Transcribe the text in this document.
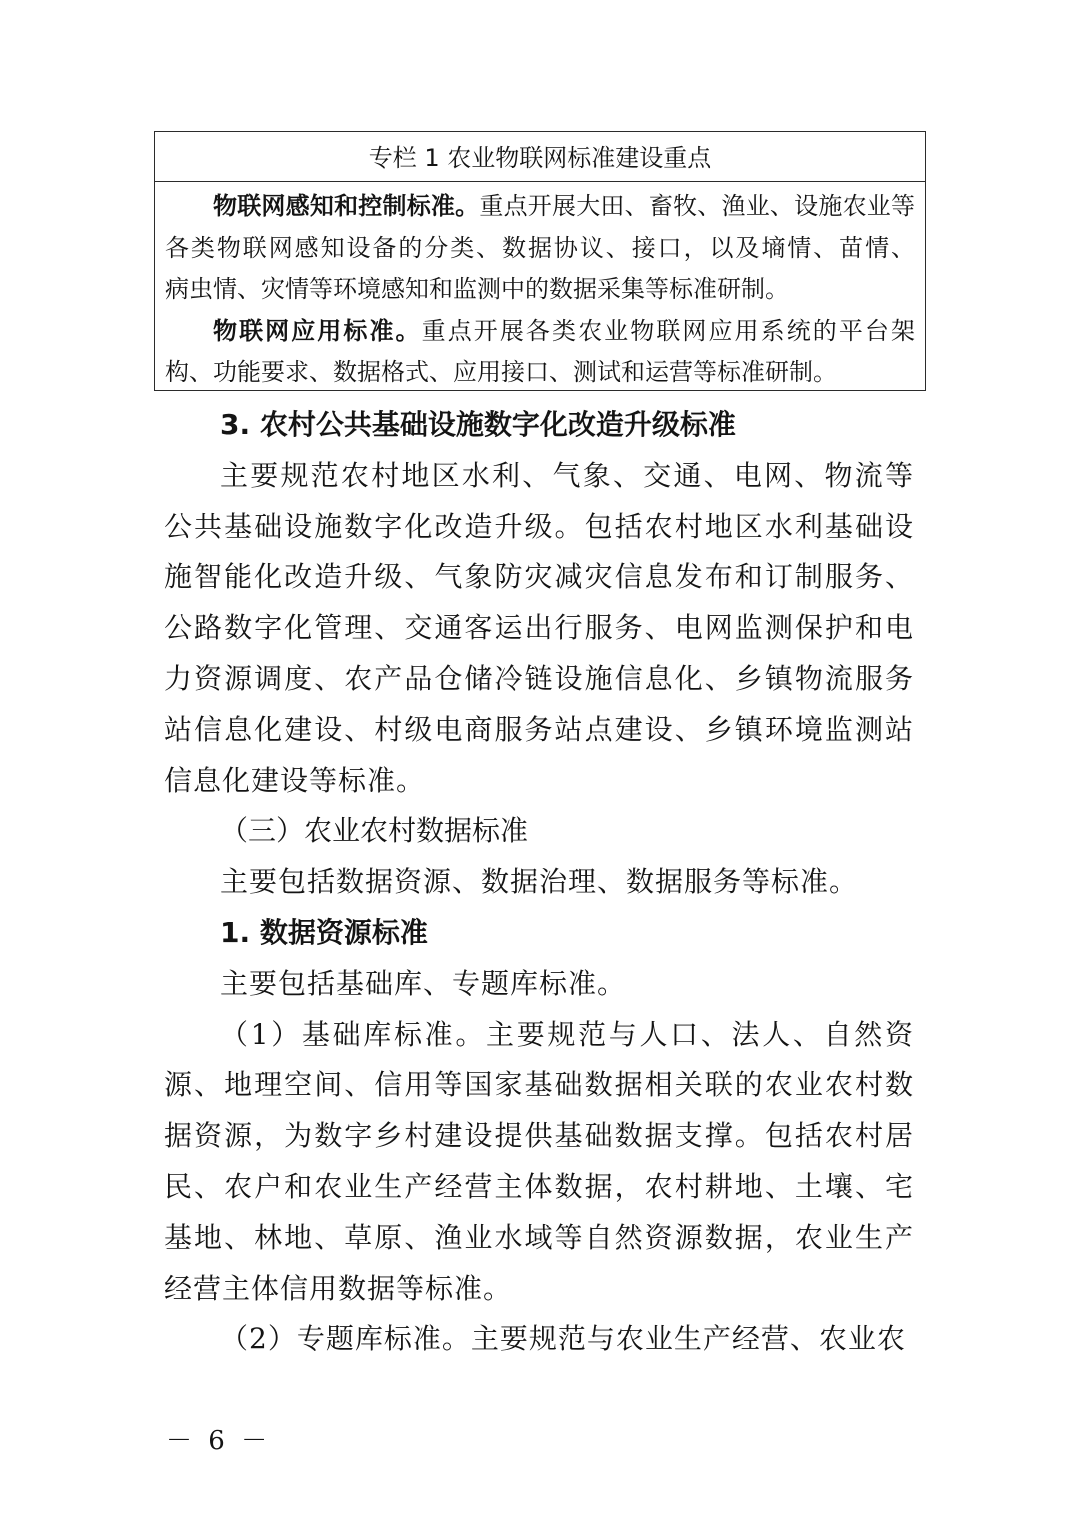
专栏 1 农业物联网标准建设重点

物联网感知和控制标准。重点开展大田、畜牧、渔业、设施农业等各类物联网感知设备的分类、数据协议、接口，以及墒情、苗情、
病虫情、灾情等环境感知和监测中的数据采集等标准研制。

物联网应用标准。重点开展各类农业物联网应用系统的平台架
构、功能要求、数据格式、应用接口、测试和运营等标准研制。

3. 农村公共基础设施数字化改造升级标准

主要规范农村地区水利、气象、交通、电网、物流等公共基础设施数字化改造升级。包括农村地区水利基础设施智能化改造升级、气象防灾减灾信息发布和订制服务、公路数字化管理、交通客运出行服务、电网监测保护和电力资源调度、农产品仓储冷链设施信息化、乡镇物流服务站信息化建设、村级电商服务站点建设、乡镇环境监测站信息化建设等标准。

（三）农业农村数据标准

主要包括数据资源、数据治理、数据服务等标准。

1. 数据资源标准

主要包括基础库、专题库标准。

（1）基础库标准。主要规范与人口、法人、自然资源、地理空间、信用等国家基础数据相关联的农业农村数据资源，为数字乡村建设提供基础数据支撑。包括农村居民、农户和农业生产经营主体数据，农村耕地、土壤、宅基地、林地、草原、渔业水域等自然资源数据，农业生产经营主体信用数据等标准。

（2）专题库标准。主要规范与农业生产经营、农业农

－ 6 －
